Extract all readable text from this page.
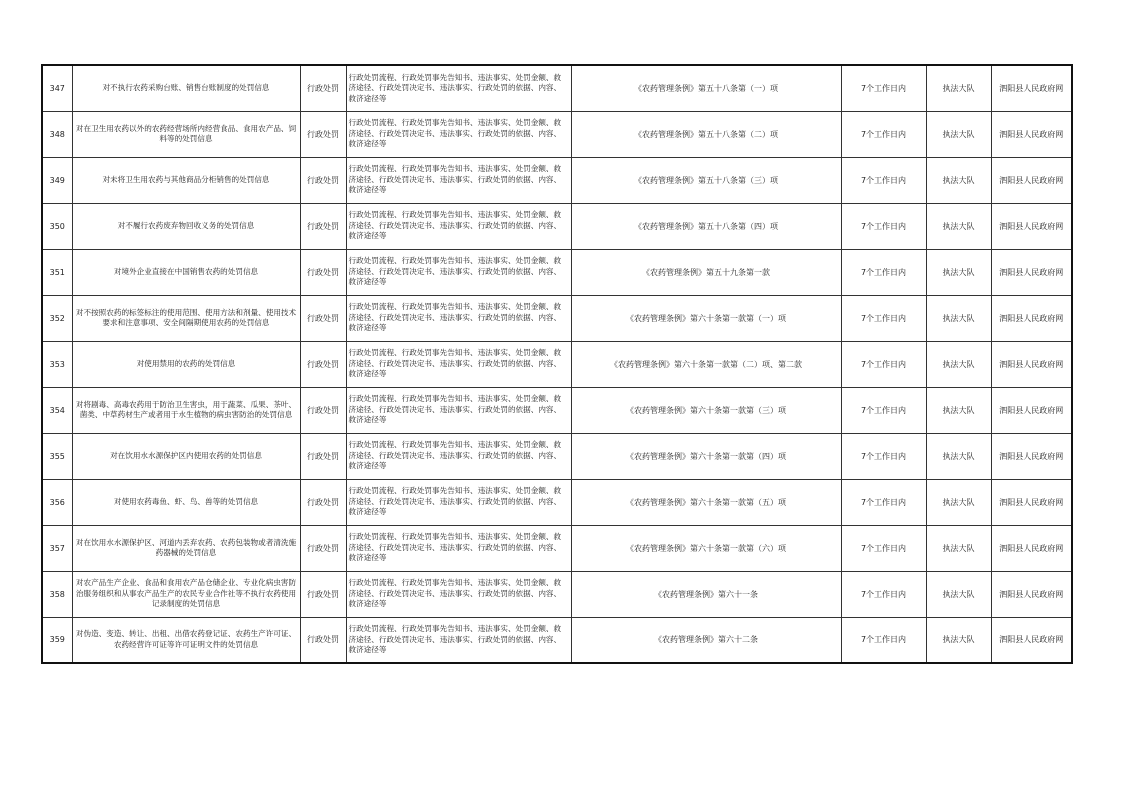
347	对不执行农药采购台账、销售台账制度的处罚信息	行政处罚	行政处罚流程、行政处罚事先告知书、违法事实、处罚金额、救济途径、行政处罚决定书、违法事实、行政处罚的依据、内容、救济途径等	《农药管理条例》第五十八条第（一）项	7个工作日内	执法大队	泗阳县人民政府网
348	对在卫生用农药以外的农药经营场所内经营食品、食用农产品、饲料等的处罚信息	行政处罚	行政处罚流程、行政处罚事先告知书、违法事实、处罚金额、救济途径、行政处罚决定书、违法事实、行政处罚的依据、内容、救济途径等	《农药管理条例》第五十八条第（二）项	7个工作日内	执法大队	泗阳县人民政府网
349	对未将卫生用农药与其他商品分柜销售的处罚信息	行政处罚	行政处罚流程、行政处罚事先告知书、违法事实、处罚金额、救济途径、行政处罚决定书、违法事实、行政处罚的依据、内容、救济途径等	《农药管理条例》第五十八条第（三）项	7个工作日内	执法大队	泗阳县人民政府网
350	对不履行农药废弃物回收义务的处罚信息	行政处罚	行政处罚流程、行政处罚事先告知书、违法事实、处罚金额、救济途径、行政处罚决定书、违法事实、行政处罚的依据、内容、救济途径等	《农药管理条例》第五十八条第（四）项	7个工作日内	执法大队	泗阳县人民政府网
351	对境外企业直接在中国销售农药的处罚信息	行政处罚	行政处罚流程、行政处罚事先告知书、违法事实、处罚金额、救济途径、行政处罚决定书、违法事实、行政处罚的依据、内容、救济途径等	《农药管理条例》第五十九条第一款	7个工作日内	执法大队	泗阳县人民政府网
352	对不按照农药的标签标注的使用范围、使用方法和剂量、使用技术要求和注意事项、安全间隔期使用农药的处罚信息	行政处罚	行政处罚流程、行政处罚事先告知书、违法事实、处罚金额、救济途径、行政处罚决定书、违法事实、行政处罚的依据、内容、救济途径等	《农药管理条例》第六十条第一款第（一）项	7个工作日内	执法大队	泗阳县人民政府网
353	对使用禁用的农药的处罚信息	行政处罚	行政处罚流程、行政处罚事先告知书、违法事实、处罚金额、救济途径、行政处罚决定书、违法事实、行政处罚的依据、内容、救济途径等	《农药管理条例》第六十条第一款第（二）项、第二款	7个工作日内	执法大队	泗阳县人民政府网
354	对将剧毒、高毒农药用于防治卫生害虫，用于蔬菜、瓜果、茶叶、菌类、中草药材生产或者用于水生植物的病虫害防治的处罚信息	行政处罚	行政处罚流程、行政处罚事先告知书、违法事实、处罚金额、救济途径、行政处罚决定书、违法事实、行政处罚的依据、内容、救济途径等	《农药管理条例》第六十条第一款第（三）项	7个工作日内	执法大队	泗阳县人民政府网
355	对在饮用水水源保护区内使用农药的处罚信息	行政处罚	行政处罚流程、行政处罚事先告知书、违法事实、处罚金额、救济途径、行政处罚决定书、违法事实、行政处罚的依据、内容、救济途径等	《农药管理条例》第六十条第一款第（四）项	7个工作日内	执法大队	泗阳县人民政府网
356	对使用农药毒鱼、虾、鸟、兽等的处罚信息	行政处罚	行政处罚流程、行政处罚事先告知书、违法事实、处罚金额、救济途径、行政处罚决定书、违法事实、行政处罚的依据、内容、救济途径等	《农药管理条例》第六十条第一款第（五）项	7个工作日内	执法大队	泗阳县人民政府网
357	对在饮用水水源保护区、河道内丢弃农药、农药包装物或者清洗施药器械的处罚信息	行政处罚	行政处罚流程、行政处罚事先告知书、违法事实、处罚金额、救济途径、行政处罚决定书、违法事实、行政处罚的依据、内容、救济途径等	《农药管理条例》第六十条第一款第（六）项	7个工作日内	执法大队	泗阳县人民政府网
358	对农产品生产企业、食品和食用农产品仓储企业、专业化病虫害防治服务组织和从事农产品生产的农民专业合作社等不执行农药使用记录制度的处罚信息	行政处罚	行政处罚流程、行政处罚事先告知书、违法事实、处罚金额、救济途径、行政处罚决定书、违法事实、行政处罚的依据、内容、救济途径等	《农药管理条例》第六十一条	7个工作日内	执法大队	泗阳县人民政府网
359	对伪造、变造、转让、出租、出借农药登记证、农药生产许可证、农药经营许可证等许可证明文件的处罚信息	行政处罚	行政处罚流程、行政处罚事先告知书、违法事实、处罚金额、救济途径、行政处罚决定书、违法事实、行政处罚的依据、内容、救济途径等	《农药管理条例》第六十二条	7个工作日内	执法大队	泗阳县人民政府网
